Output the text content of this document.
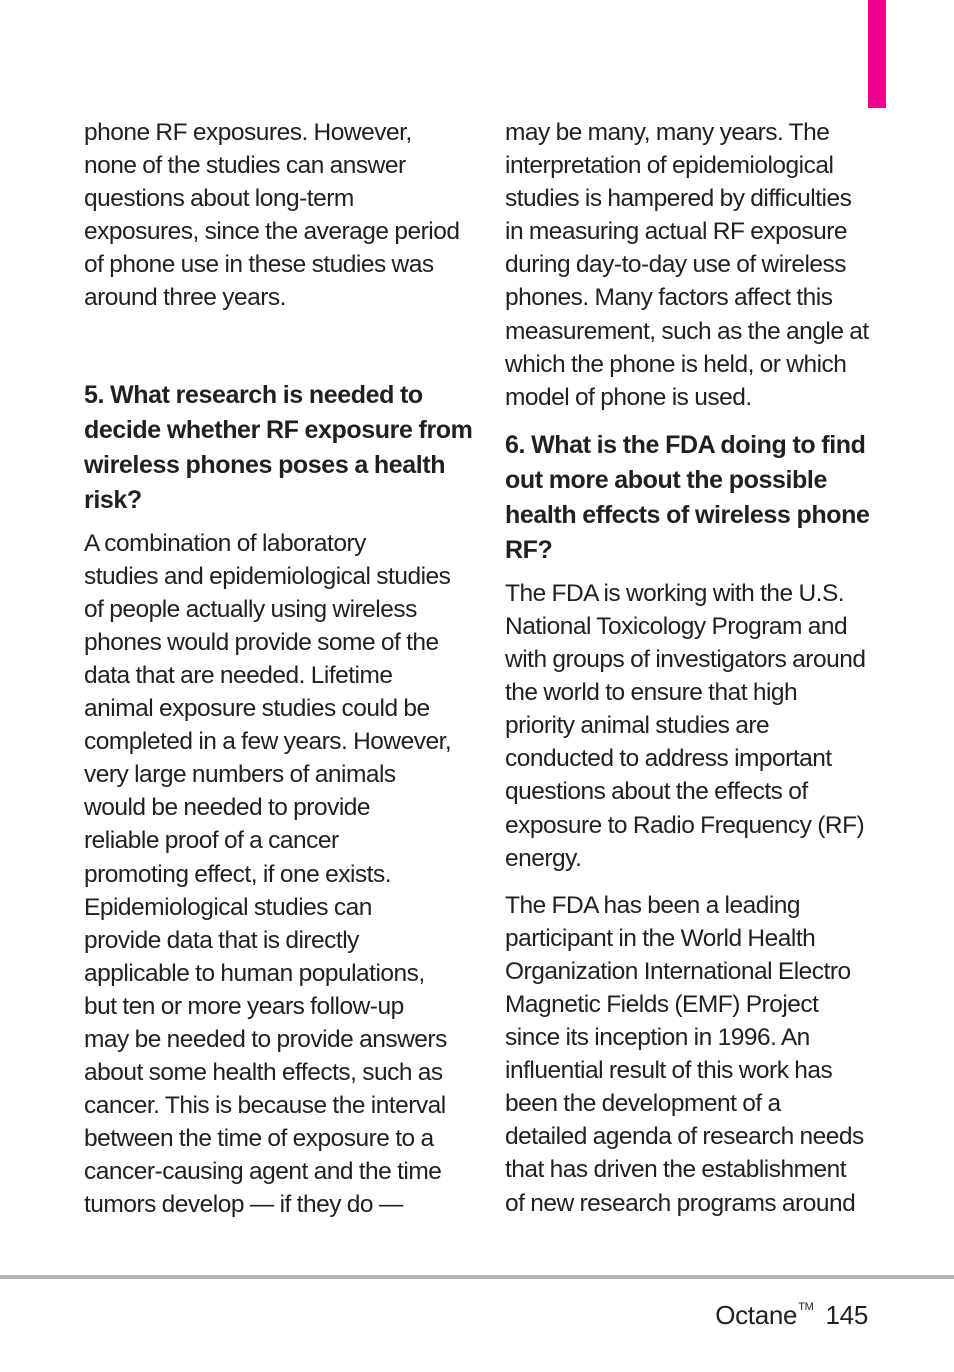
phone RF exposures. However,
none of the studies can answer
questions about long-term
exposures, since the average period
of phone use in these studies was
around three years.
5. What research is needed to
decide whether RF exposure from
wireless phones poses a health
risk?
A combination of laboratory
studies and epidemiological studies
of people actually using wireless
phones would provide some of the
data that are needed. Lifetime
animal exposure studies could be
completed in a few years. However,
very large numbers of animals
would be needed to provide
reliable proof of a cancer
promoting effect, if one exists.
Epidemiological studies can
provide data that is directly
applicable to human populations,
but ten or more years follow-up
may be needed to provide answers
about some health effects, such as
cancer. This is because the interval
between the time of exposure to a
cancer-causing agent and the time
tumors develop — if they do —
may be many, many years. The
interpretation of epidemiological
studies is hampered by difficulties
in measuring actual RF exposure
during day-to-day use of wireless
phones. Many factors affect this
measurement, such as the angle at
which the phone is held, or which
model of phone is used.
6. What is the FDA doing to find
out more about the possible
health effects of wireless phone
RF?
The FDA is working with the U.S.
National Toxicology Program and
with groups of investigators around
the world to ensure that high
priority animal studies are
conducted to address important
questions about the effects of
exposure to Radio Frequency (RF)
energy.
The FDA has been a leading
participant in the World Health
Organization International Electro
Magnetic Fields (EMF) Project
since its inception in 1996. An
influential result of this work has
been the development of a
detailed agenda of research needs
that has driven the establishment
of new research programs around
Octane™ 145
